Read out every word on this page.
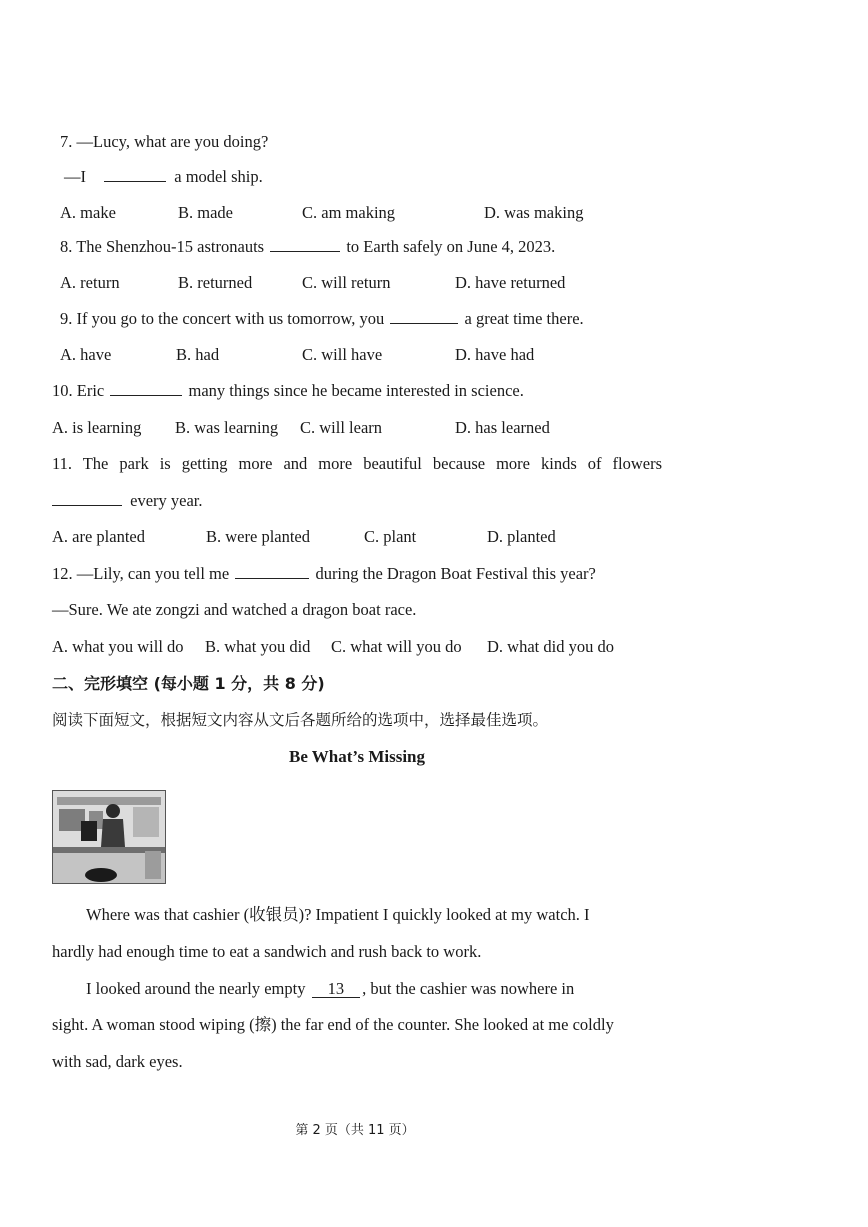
7. —Lucy, what are you doing?
—I	a model ship.
A. make	B. made	C. am making	D. was making
8. The Shenzhou-15 astronauts	to Earth safely on June 4, 2023.
A. return	B. returned	C. will return	D. have returned
9. If you go to the concert with us tomorrow, you	a great time there.
A. have	B. had	C. will have	D. have had
10. Eric	many things since he became interested in science.
A. is learning B. was learning C. will learn	D. has learned
11. The park is getting more and more beautiful because more kinds of flowers
every year.
A. are planted	B. were planted	C. plant	D. planted
12. —Lily, can you tell me	during the Dragon Boat Festival this year?
—Sure. We ate zongzi and watched a dragon boat race.
A. what you will do B. what you did C. what will you do D. what did you do
二、完形填空 (每小题 1 分，共 8 分)
阅读下面短文，根据短文内容从文后各题所给的选项中，选择最佳选项。
Be What’s Missing
Where was that cashier (收银员)? Impatient I quickly looked at my watch. I
hardly had enough time to eat a sandwich and rush back to work.
I looked around the nearly empty 13 , but the cashier was nowhere in
sight. A woman stood wiping (擦) the far end of the counter. She looked at me coldly
with sad, dark eyes.
第 2 页（共 11 页）
